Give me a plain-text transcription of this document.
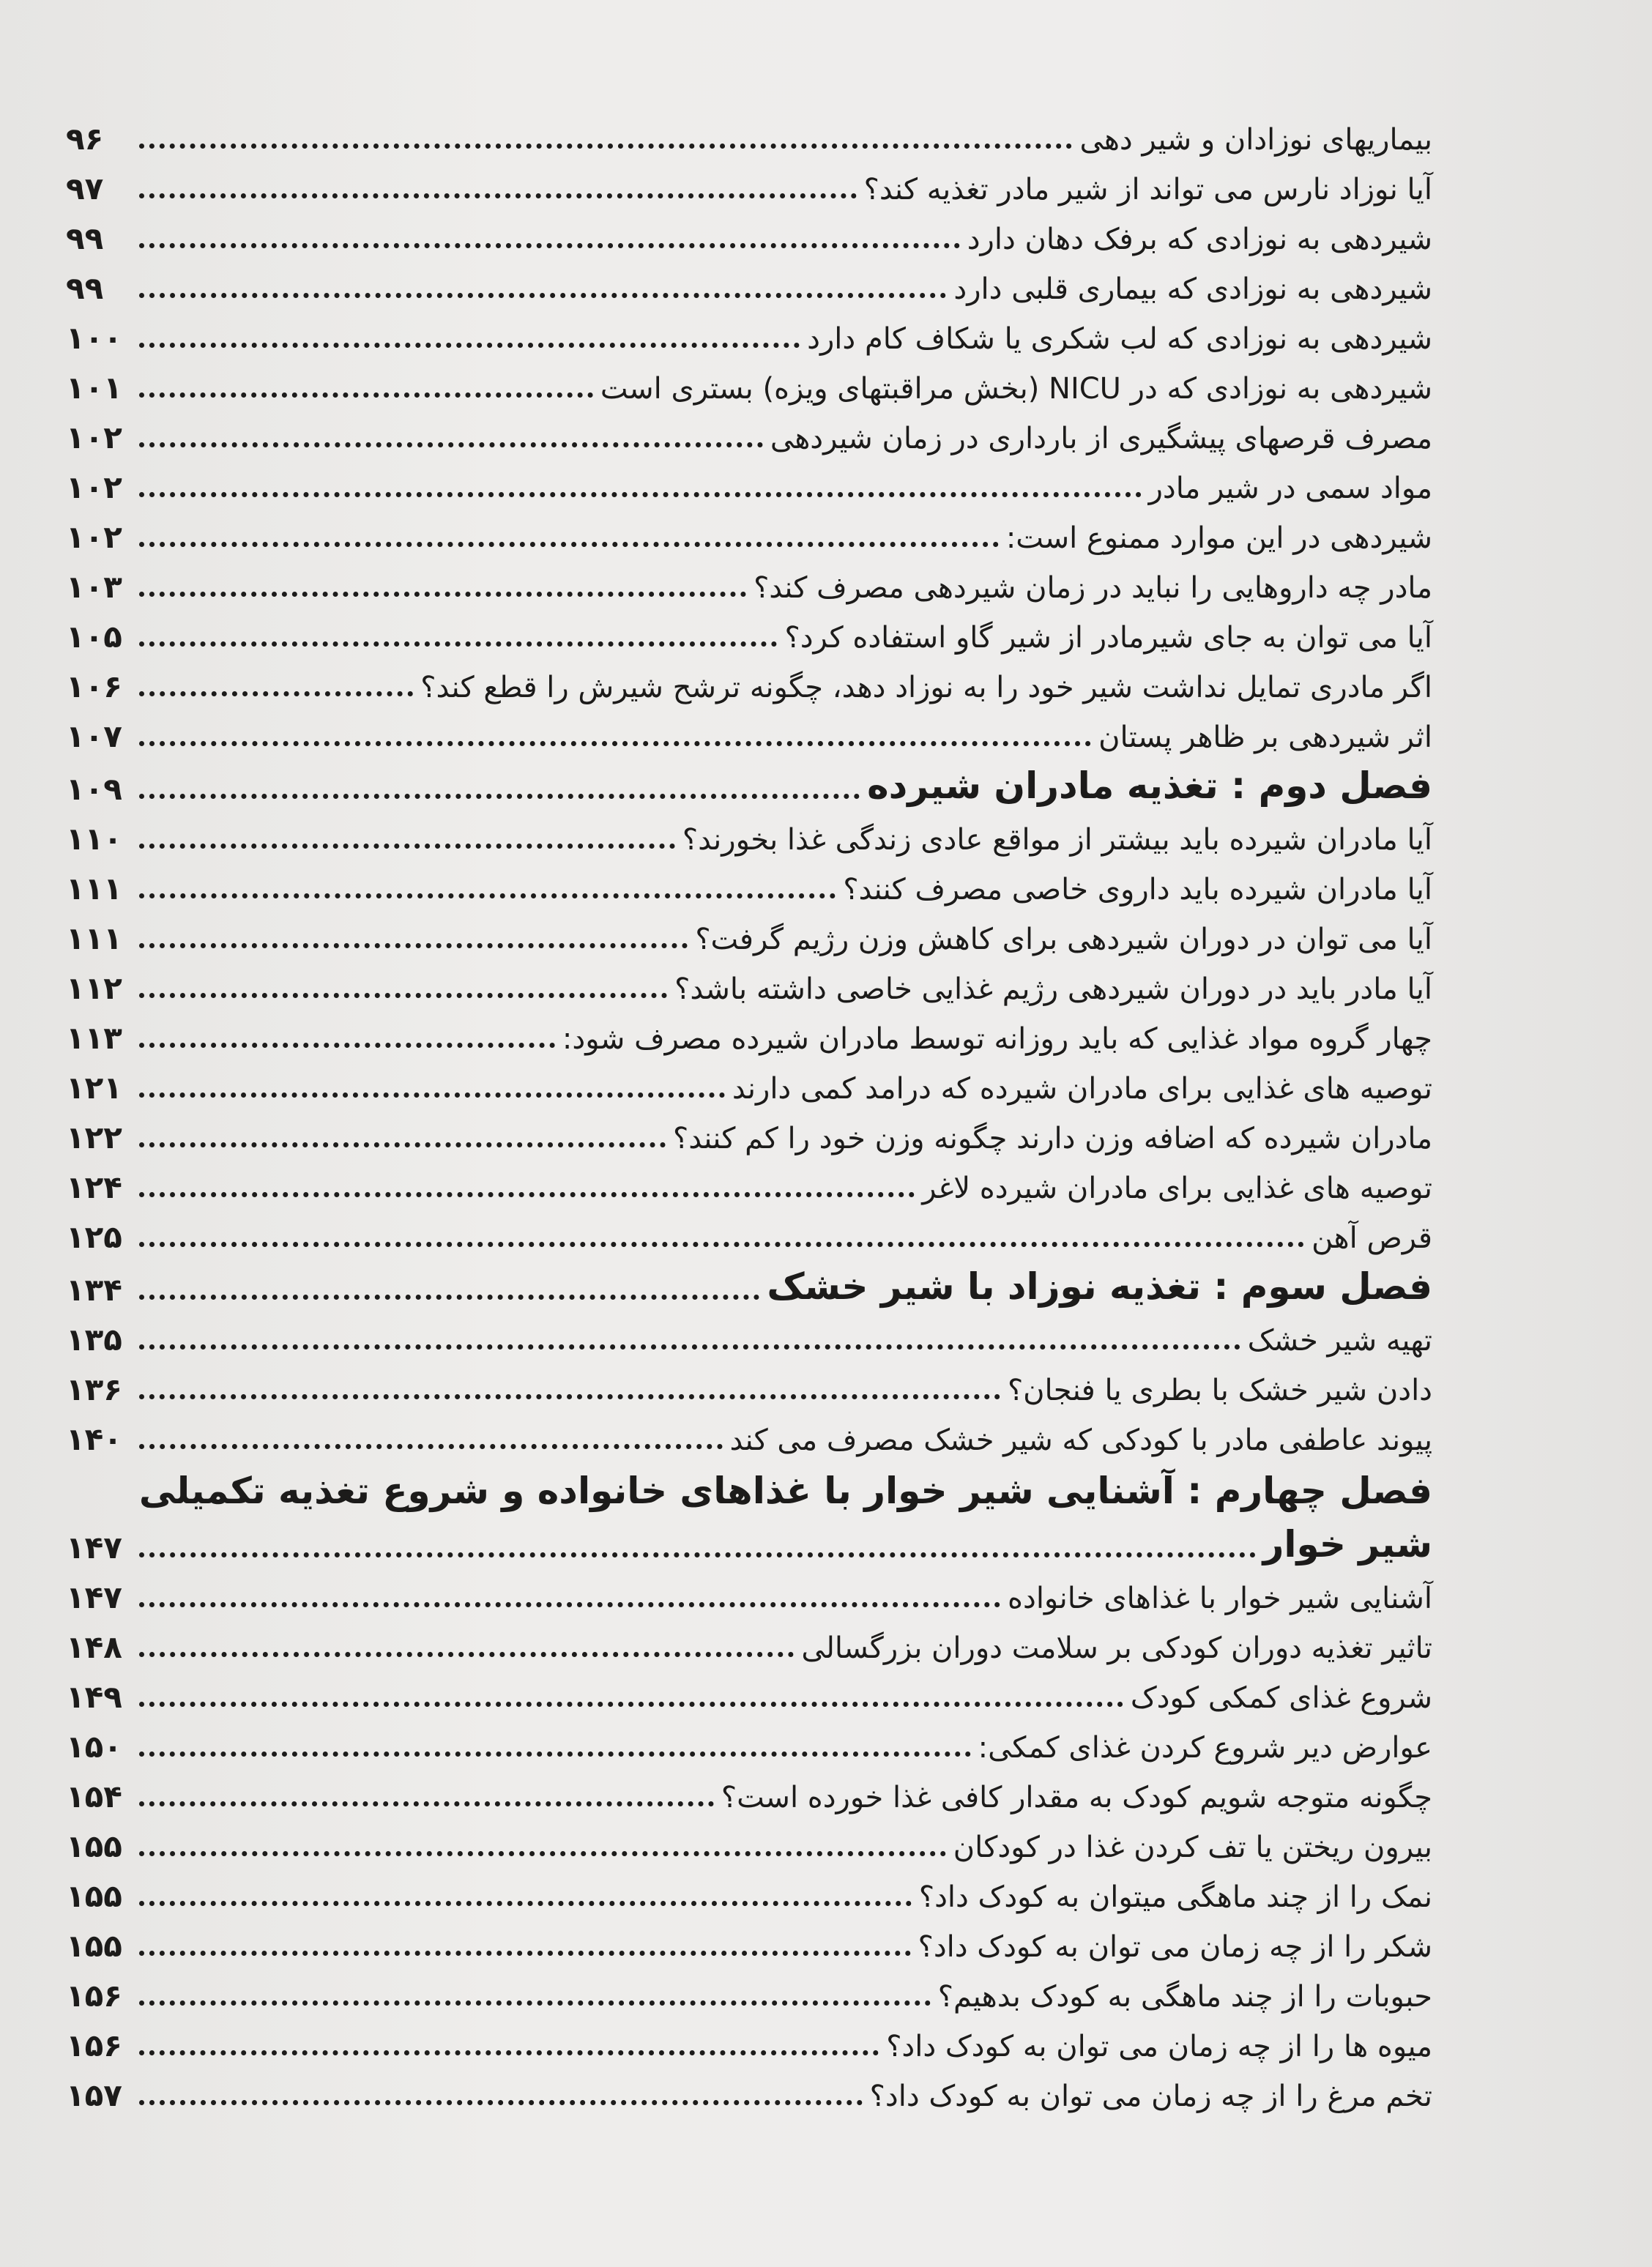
بیماریهای نوزادان و شیر دهی
۹۶
آیا نوزاد نارس می تواند از شیر مادر تغذیه کند؟
۹۷
شیردهی به نوزادی که برفک دهان دارد
۹۹
شیردهی به نوزادی که بیماری قلبی دارد
۹۹
شیردهی به نوزادی که لب شکری یا شکاف کام دارد
۱۰۰
شیردهی به نوزادی که در NICU (بخش مراقبتهای ویزه) بستری است
۱۰۱
مصرف قرصهای پیشگیری از بارداری در زمان شیردهی
۱۰۲
مواد سمی در شیر مادر
۱۰۲
شیردهی در این موارد ممنوع است:
۱۰۲
مادر چه داروهایی را نباید در زمان شیردهی مصرف کند؟
۱۰۳
آیا می توان به جای شیرمادر از شیر گاو استفاده کرد؟
۱۰۵
اگر مادری تمایل نداشت شیر خود را به نوزاد دهد، چگونه ترشح شیرش را قطع کند؟
۱۰۶
اثر شیردهی بر ظاهر پستان
۱۰۷
فصل دوم : تغذیه مادران شیرده
۱۰۹
آیا مادران شیرده باید بیشتر از مواقع عادی زندگی غذا بخورند؟
۱۱۰
آیا مادران شیرده باید داروی خاصی مصرف کنند؟
۱۱۱
آیا می توان در دوران شیردهی برای کاهش وزن رژیم گرفت؟
۱۱۱
آیا مادر باید در دوران شیردهی رژیم غذایی خاصی داشته باشد؟
۱۱۲
چهار گروه مواد غذایی که باید روزانه توسط مادران شیرده مصرف شود:
۱۱۳
توصیه های غذایی برای مادران شیرده که درامد کمی دارند
۱۲۱
مادران شیرده که اضافه وزن دارند چگونه وزن خود را کم کنند؟
۱۲۲
توصیه های غذایی برای مادران شیرده لاغر
۱۲۴
قرص آهن
۱۲۵
فصل سوم : تغذیه نوزاد با شیر خشک
۱۳۴
تهیه شیر خشک
۱۳۵
دادن شیر خشک با بطری یا فنجان؟
۱۳۶
پیوند عاطفی مادر با کودکی که شیر خشک مصرف می کند
۱۴۰
فصل چهارم : آشنایی شیر خوار با غذاهای خانواده و شروع تغذیه تکمیلی
شیر خوار
۱۴۷
آشنایی شیر خوار با غذاهای خانواده
۱۴۷
تاثیر تغذیه دوران کودکی بر سلامت دوران بزرگسالی
۱۴۸
شروع غذای کمکی کودک
۱۴۹
عوارض دیر شروع کردن غذای کمکی:
۱۵۰
چگونه متوجه شویم کودک به مقدار کافی غذا خورده است؟
۱۵۴
بیرون ریختن یا تف کردن غذا در کودکان
۱۵۵
نمک را از چند ماهگی میتوان به کودک داد؟
۱۵۵
شکر را از چه زمان می توان به کودک داد؟
۱۵۵
حبوبات را از چند ماهگی به کودک بدهیم؟
۱۵۶
میوه ها را از چه زمان می توان به کودک داد؟
۱۵۶
تخم مرغ را از چه زمان می توان به کودک داد؟
۱۵۷
